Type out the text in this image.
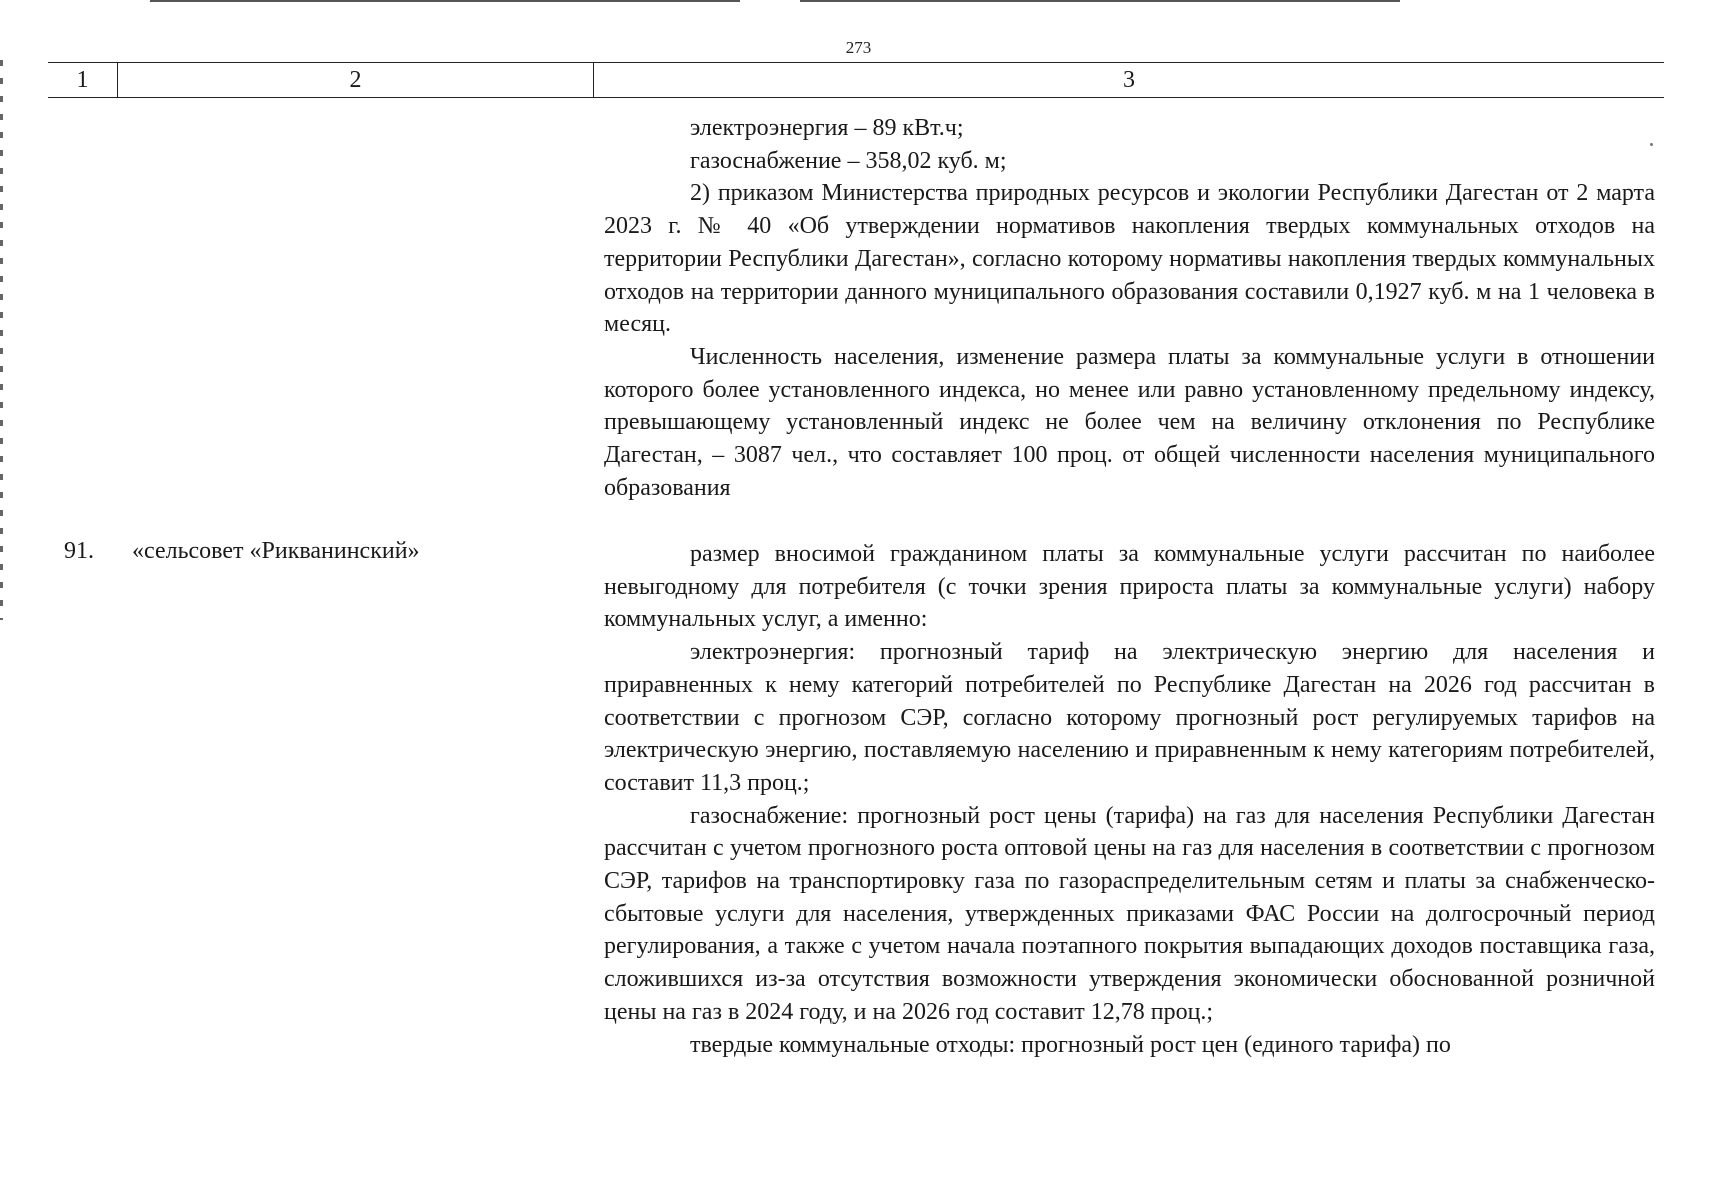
273
1	2	3

электроэнергия – 89 кВт.ч;

газоснабжение – 358,02 куб. м;

2) приказом Министерства природных ресурсов и экологии Республики Дагестан от 2 марта 2023 г. № 40 «Об утверждении нормативов накопления твердых коммунальных отходов на территории Республики Дагестан», согласно которому нормативы накопления твердых коммунальных отходов на территории данного муниципального образования составили 0,1927 куб. м на 1 человека в месяц.

Численность населения, изменение размера платы за коммунальные услуги в отношении которого более установленного индекса, но менее или равно установленному предельному индексу, превышающему установленный индекс не более чем на величину отклонения по Республике Дагестан, – 3087 чел., что составляет 100 проц. от общей численности населения муниципального образования

91. «сельсовет «Рикванинский»	размер вносимой гражданином платы за коммунальные услуги рассчитан по наиболее невыгодному для потребителя (с точки зрения прироста платы за коммунальные услуги) набору коммунальных услуг, а именно:

электроэнергия: прогнозный тариф на электрическую энергию для населения и приравненных к нему категорий потребителей по Республике Дагестан на 2026 год рассчитан в соответствии с прогнозом СЭР, согласно которому прогнозный рост регулируемых тарифов на электрическую энергию, поставляемую населению и приравненным к нему категориям потребителей, составит 11,3 проц.;

газоснабжение: прогнозный рост цены (тарифа) на газ для населения Республики Дагестан рассчитан с учетом прогнозного роста оптовой цены на газ для населения в соответствии с прогнозом СЭР, тарифов на транспортировку газа по газораспределительным сетям и платы за снабженческо-сбытовые услуги для населения, утвержденных приказами ФАС России на долгосрочный период регулирования, а также с учетом начала поэтапного покрытия выпадающих доходов поставщика газа, сложившихся из-за отсутствия возможности утверждения экономически обоснованной розничной цены на газ в 2024 году, и на 2026 год составит 12,78 проц.;

твердые коммунальные отходы: прогнозный рост цен (единого тарифа) по
